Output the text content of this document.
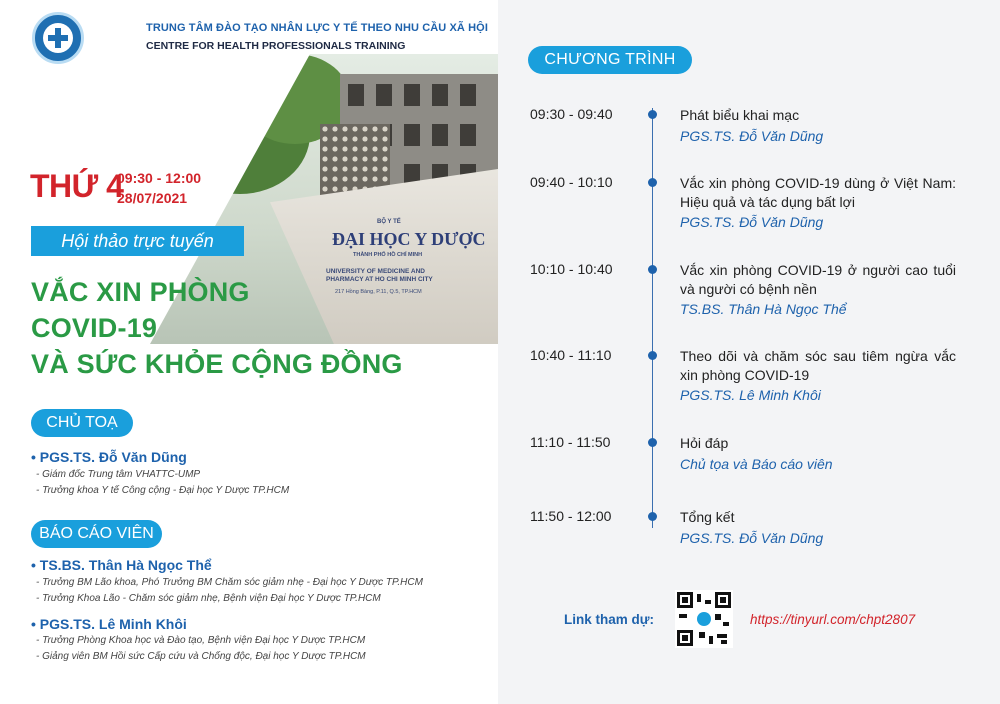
TRUNG TÂM ĐÀO TẠO NHÂN LỰC Y TẾ THEO NHU CẦU XÃ HỘI
CENTRE FOR HEALTH PROFESSIONALS TRAINING
BỘ Y TẾ
ĐẠI HỌC Y DƯỢC
THÀNH PHỐ HỒ CHÍ MINH
UNIVERSITY OF MEDICINE AND PHARMACY AT HO CHI MINH CITY
217 Hồng Bàng, P.11, Q.5, TP.HCM
THỨ 4
09:30 - 12:00
28/07/2021
Hội thảo trực tuyến
VẮC XIN PHÒNG
COVID-19
VÀ SỨC KHỎE CỘNG ĐỒNG
CHỦ TOẠ
• PGS.TS. Đỗ Văn Dũng
- Giám đốc Trung tâm VHATTC-UMP
- Trưởng khoa Y tế Công cộng - Đại học Y Dược TP.HCM
BÁO CÁO VIÊN
• TS.BS. Thân Hà Ngọc Thể
- Trưởng BM Lão khoa, Phó Trưởng BM Chăm sóc giảm nhẹ - Đại học Y Dược TP.HCM
- Trưởng Khoa Lão - Chăm sóc giảm nhẹ, Bệnh viện Đại học Y Dược TP.HCM
• PGS.TS. Lê Minh Khôi
- Trưởng Phòng Khoa học và Đào tạo, Bệnh viện Đại học Y Dược TP.HCM
- Giảng viên BM Hồi sức Cấp cứu và Chống độc, Đại học Y Dược TP.HCM
CHƯƠNG TRÌNH
09:30 - 09:40	Phát biểu khai mạc
PGS.TS. Đỗ Văn Dũng
09:40 - 10:10	Vắc xin phòng COVID-19 dùng ở Việt Nam: Hiệu quả và tác dụng bất lợi
PGS.TS. Đỗ Văn Dũng
10:10 - 10:40	Vắc xin phòng COVID-19 ở người cao tuổi và người có bệnh nền
TS.BS. Thân Hà Ngọc Thể
10:40 - 11:10	Theo dõi và chăm sóc sau tiêm ngừa vắc xin phòng COVID-19
PGS.TS. Lê Minh Khôi
11:10 - 11:50	Hỏi đáp
Chủ tọa và Báo cáo viên
11:50 - 12:00	Tổng kết
PGS.TS. Đỗ Văn Dũng
Link tham dự:	https://tinyurl.com/chpt2807
